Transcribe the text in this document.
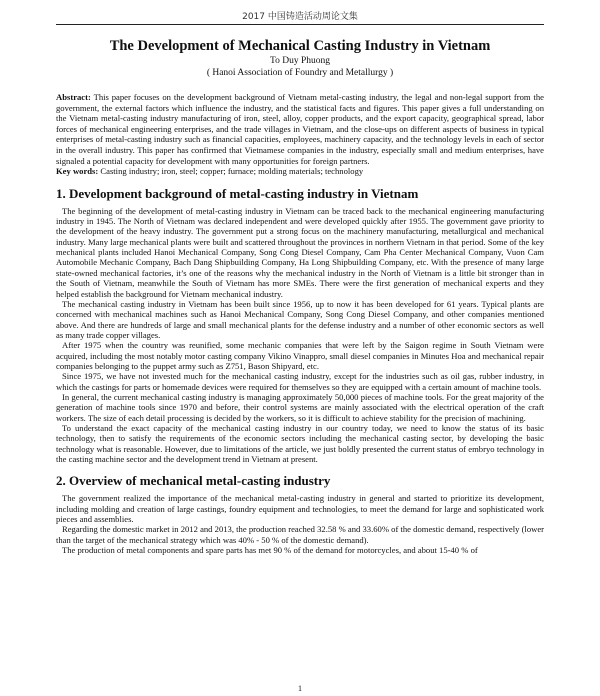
2017 中国铸造活动周论文集
The Development of Mechanical Casting Industry in Vietnam
To Duy Phuong
( Hanoi Association of Foundry and Metallurgy )
Abstract: This paper focuses on the development background of Vietnam metal-casting industry, the legal and non-legal support from the government, the external factors which influence the industry, and the statistical facts and figures. This paper gives a full understanding on the Vietnam metal-casting industry manufacturing of iron, steel, alloy, copper products, and the export capacity, geographical spread, labor forces of mechanical engineering enterprises, and the trade villages in Vietnam, and the close-ups on different aspects of business in typical enterprises of metal-casting industry such as financial capacities, employees, machinery capacity, and the technology levels in each of sector in the overall industry. This paper has confirmed that Vietnamese companies in the industry, especially small and medium enterprises, have signaled a potential capacity for development with many opportunities for foreign partners.
Key words: Casting industry; iron, steel; copper; furnace; molding materials; technology
1. Development background of metal-casting industry in Vietnam

The beginning of the development of metal-casting industry in Vietnam can be traced back to the mechanical engineering manufacturing industry in 1945. The North of Vietnam was declared independent and were developed quickly after 1955. The government gave priority to the development of the heavy industry. The government put a strong focus on the machinery manufacturing, metallurgical and mechanical industry. Many large mechanical plants were built and scattered throughout the provinces in northern Vietnam in that period. Some of the key mechanical plants included Hanoi Mechanical Company, Song Cong Diesel Company, Cam Pha Center Mechanical Company, Vuon Cam Automobile Mechanic Company, Bach Dang Shipbuilding Company, Ha Long Shipbuilding Company, etc. With the presence of many large state-owned mechanical factories, it’s one of the reasons why the mechanical industry in the North of Vietnam is a little bit stronger than in the South of Vietnam, meanwhile the South of Vietnam has more SMEs. There were the first generation of mechanical experts and they helped establish the background for Vietnam mechanical industry.

The mechanical casting industry in Vietnam has been built since 1956, up to now it has been developed for 61 years. Typical plants are concerned with mechanical machines such as Hanoi Mechanical Company, Song Cong Diesel Company, and other companies mentioned above. And there are hundreds of large and small mechanical plants for the defense industry and a number of other economic sectors as well as many trade copper villages.

After 1975 when the country was reunified, some mechanic companies that were left by the Saigon regime in South Vietnam were acquired, including the most notably motor casting company Vikino Vinappro, small diesel companies in Minutes Hoa and mechanical repair companies belonging to the puppet army such as Z751, Bason Shipyard, etc.

Since 1975, we have not invested much for the mechanical casting industry, except for the industries such as oil gas, rubber industry, in which the castings for parts or homemade devices were required for themselves so they are equipped with a certain amount of machine tools.

In general, the current mechanical casting industry is managing approximately 50,000 pieces of machine tools. For the great majority of the generation of machine tools since 1970 and before, their control systems are mainly associated with the electrical operation of the craft workers. The size of each detail processing is decided by the workers, so it is difficult to achieve stability for the precision of machining.

To understand the exact capacity of the mechanical casting industry in our country today, we need to know the status of its basic technology, then to satisfy the requirements of the economic sectors including the mechanical casting sector, by developing the basic technology what is reasonable. However, due to limitations of the article, we just boldly presented the current status of embryo technology in the casting machine sector and the development trend in Vietnam at present.

2. Overview of mechanical metal-casting industry

The government realized the importance of the mechanical metal-casting industry in general and started to prioritize its development, including molding and creation of large castings, foundry equipment and technologies, to meet the demand for large and sophisticated work pieces and assemblies.

Regarding the domestic market in 2012 and 2013, the production reached 32.58 % and 33.60% of the domestic demand, respectively (lower than the target of the mechanical strategy which was 40% - 50 % of the domestic demand).

The production of metal components and spare parts has met 90 % of the demand for motorcycles, and about 15-40 % of

1
